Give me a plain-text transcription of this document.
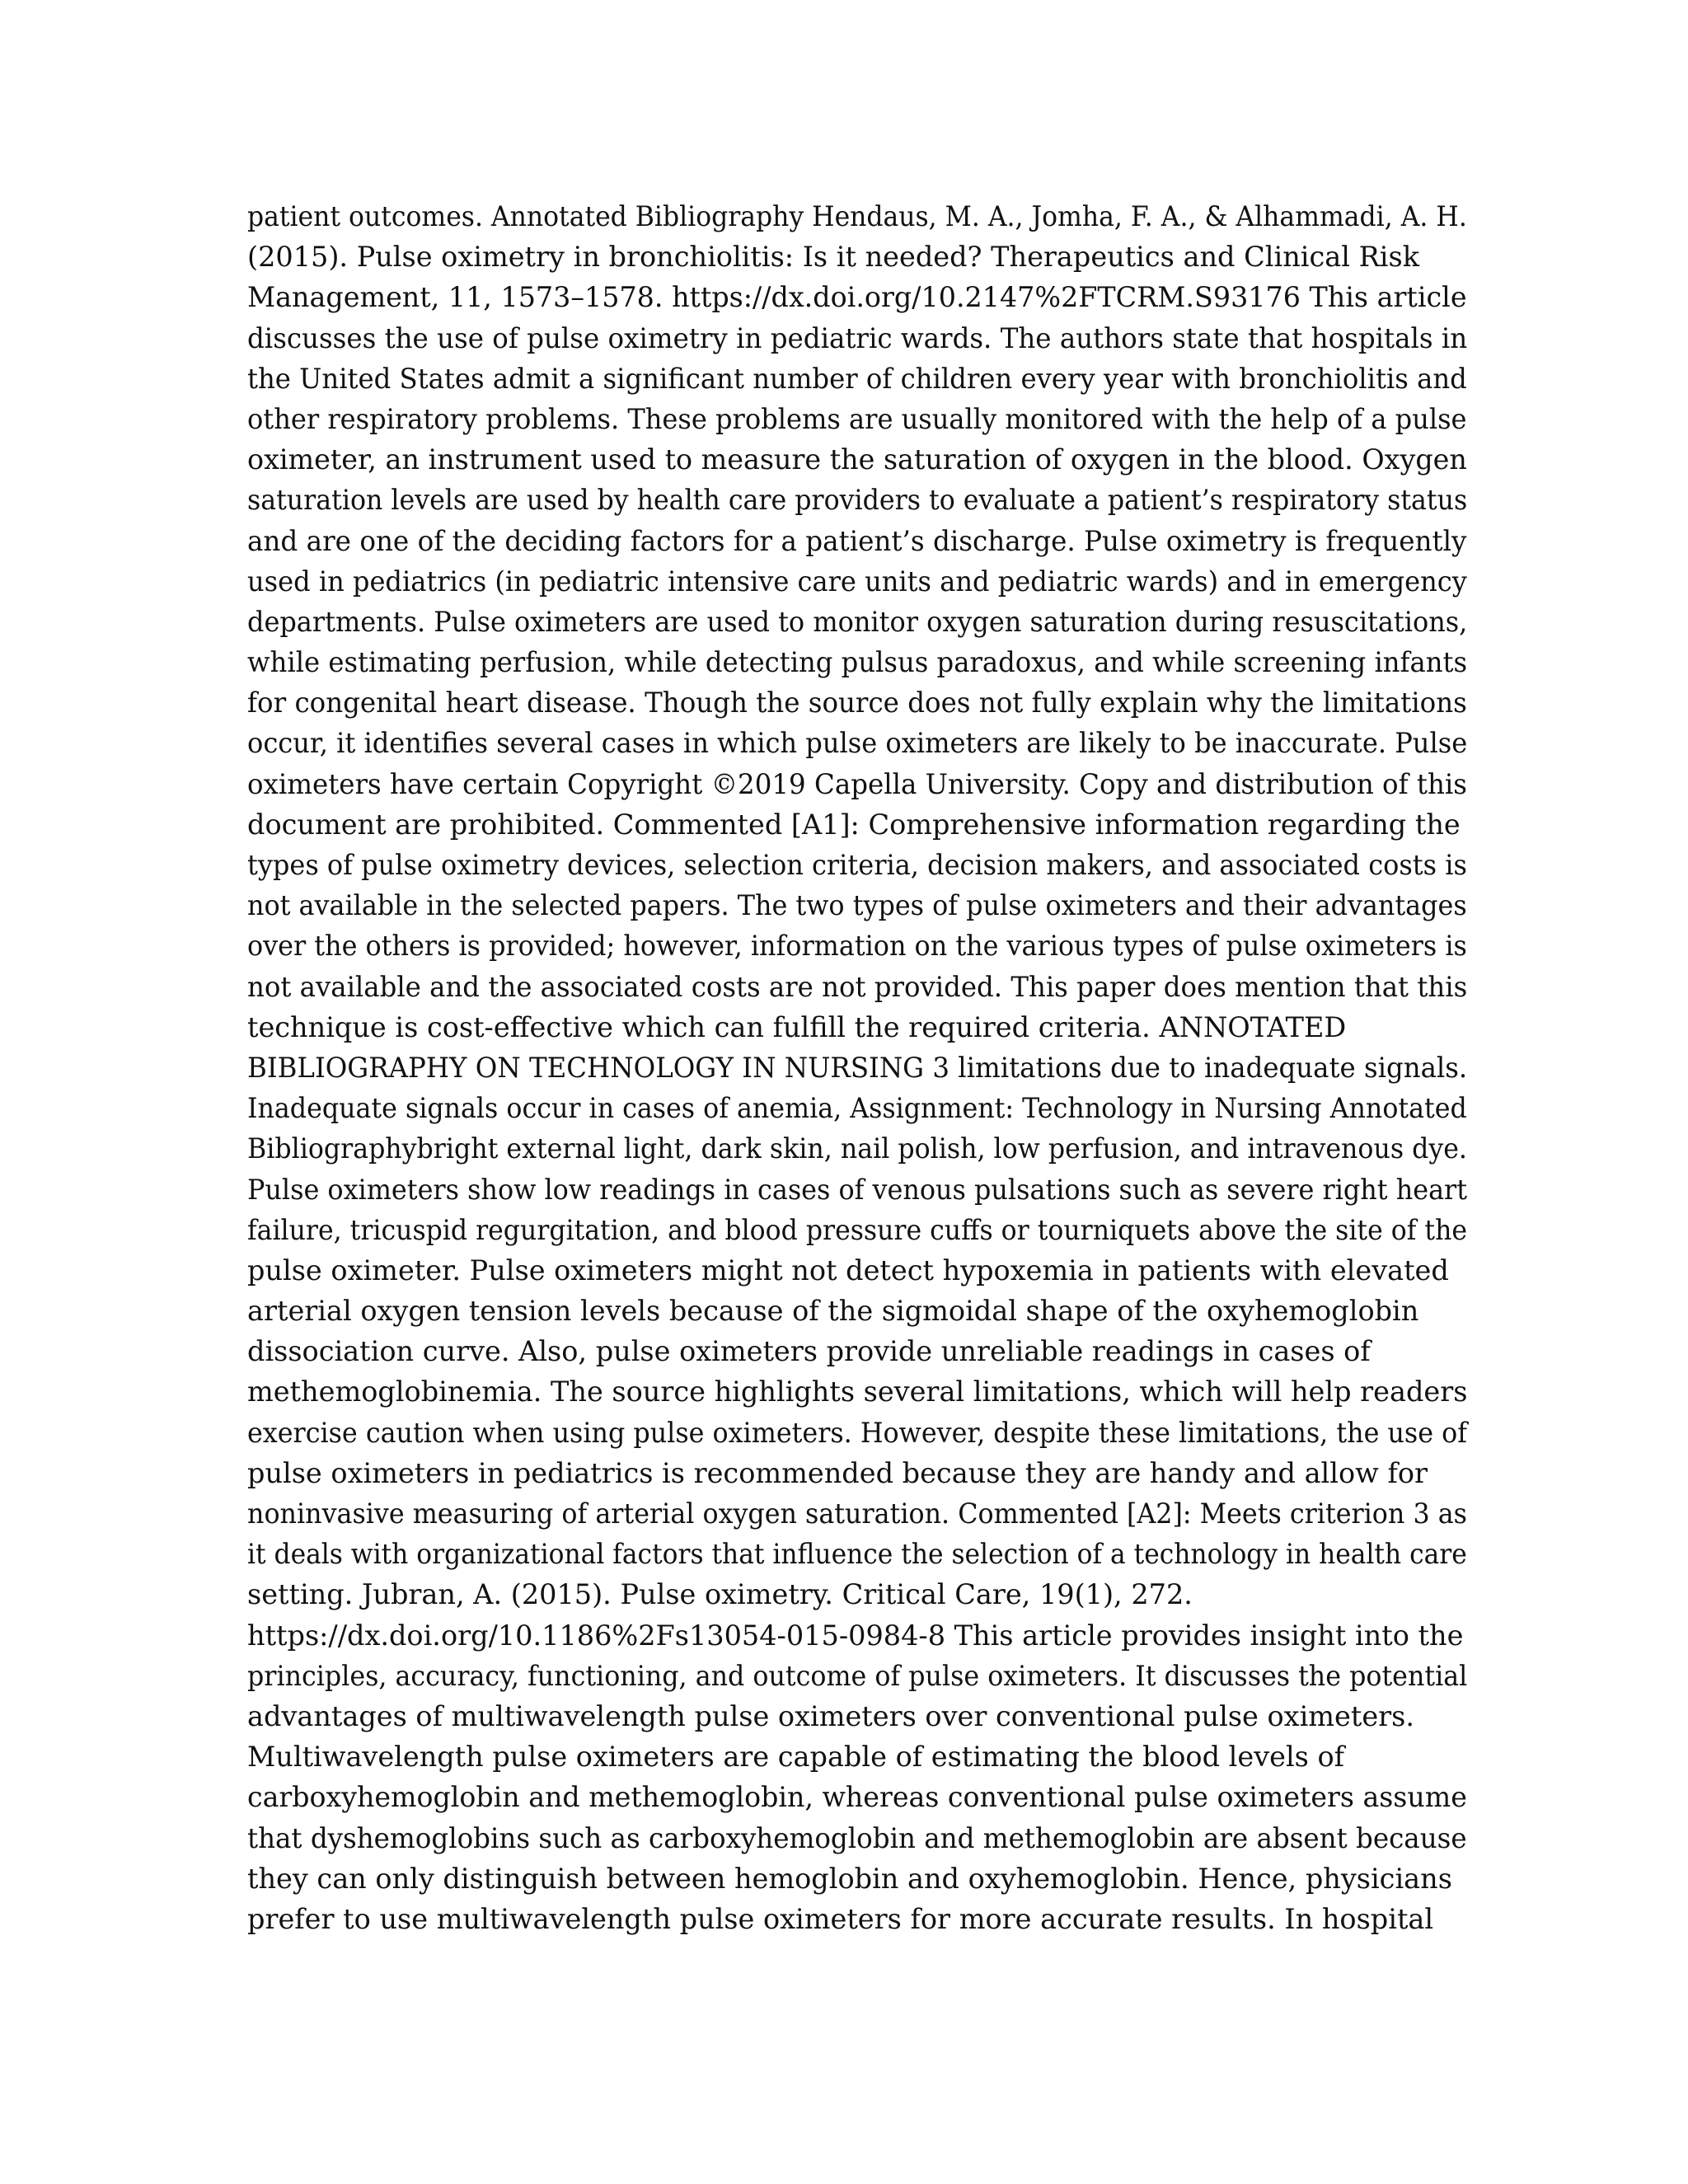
patient outcomes. Annotated Bibliography Hendaus, M. A., Jomha, F. A., & Alhammadi, A. H.
(2015). Pulse oximetry in bronchiolitis: Is it needed? Therapeutics and Clinical Risk
Management, 11, 1573–1578. https://dx.doi.org/10.2147%2FTCRM.S93176 This article
discusses the use of pulse oximetry in pediatric wards. The authors state that hospitals in
the United States admit a significant number of children every year with bronchiolitis and
other respiratory problems. These problems are usually monitored with the help of a pulse
oximeter, an instrument used to measure the saturation of oxygen in the blood. Oxygen
saturation levels are used by health care providers to evaluate a patient’s respiratory status
and are one of the deciding factors for a patient’s discharge. Pulse oximetry is frequently
used in pediatrics (in pediatric intensive care units and pediatric wards) and in emergency
departments. Pulse oximeters are used to monitor oxygen saturation during resuscitations,
while estimating perfusion, while detecting pulsus paradoxus, and while screening infants
for congenital heart disease. Though the source does not fully explain why the limitations
occur, it identifies several cases in which pulse oximeters are likely to be inaccurate. Pulse
oximeters have certain Copyright ©2019 Capella University. Copy and distribution of this
document are prohibited. Commented [A1]: Comprehensive information regarding the
types of pulse oximetry devices, selection criteria, decision makers, and associated costs is
not available in the selected papers. The two types of pulse oximeters and their advantages
over the others is provided; however, information on the various types of pulse oximeters is
not available and the associated costs are not provided. This paper does mention that this
technique is cost-effective which can fulfill the required criteria. ANNOTATED
BIBLIOGRAPHY ON TECHNOLOGY IN NURSING 3 limitations due to inadequate signals.
Inadequate signals occur in cases of anemia, Assignment: Technology in Nursing Annotated
Bibliographybright external light, dark skin, nail polish, low perfusion, and intravenous dye.
Pulse oximeters show low readings in cases of venous pulsations such as severe right heart
failure, tricuspid regurgitation, and blood pressure cuffs or tourniquets above the site of the
pulse oximeter. Pulse oximeters might not detect hypoxemia in patients with elevated
arterial oxygen tension levels because of the sigmoidal shape of the oxyhemoglobin
dissociation curve. Also, pulse oximeters provide unreliable readings in cases of
methemoglobinemia. The source highlights several limitations, which will help readers
exercise caution when using pulse oximeters. However, despite these limitations, the use of
pulse oximeters in pediatrics is recommended because they are handy and allow for
noninvasive measuring of arterial oxygen saturation. Commented [A2]: Meets criterion 3 as
it deals with organizational factors that influence the selection of a technology in health care
setting. Jubran, A. (2015). Pulse oximetry. Critical Care, 19(1), 272.
https://dx.doi.org/10.1186%2Fs13054-015-0984-8 This article provides insight into the
principles, accuracy, functioning, and outcome of pulse oximeters. It discusses the potential
advantages of multiwavelength pulse oximeters over conventional pulse oximeters.
Multiwavelength pulse oximeters are capable of estimating the blood levels of
carboxyhemoglobin and methemoglobin, whereas conventional pulse oximeters assume
that dyshemoglobins such as carboxyhemoglobin and methemoglobin are absent because
they can only distinguish between hemoglobin and oxyhemoglobin. Hence, physicians
prefer to use multiwavelength pulse oximeters for more accurate results. In hospital
